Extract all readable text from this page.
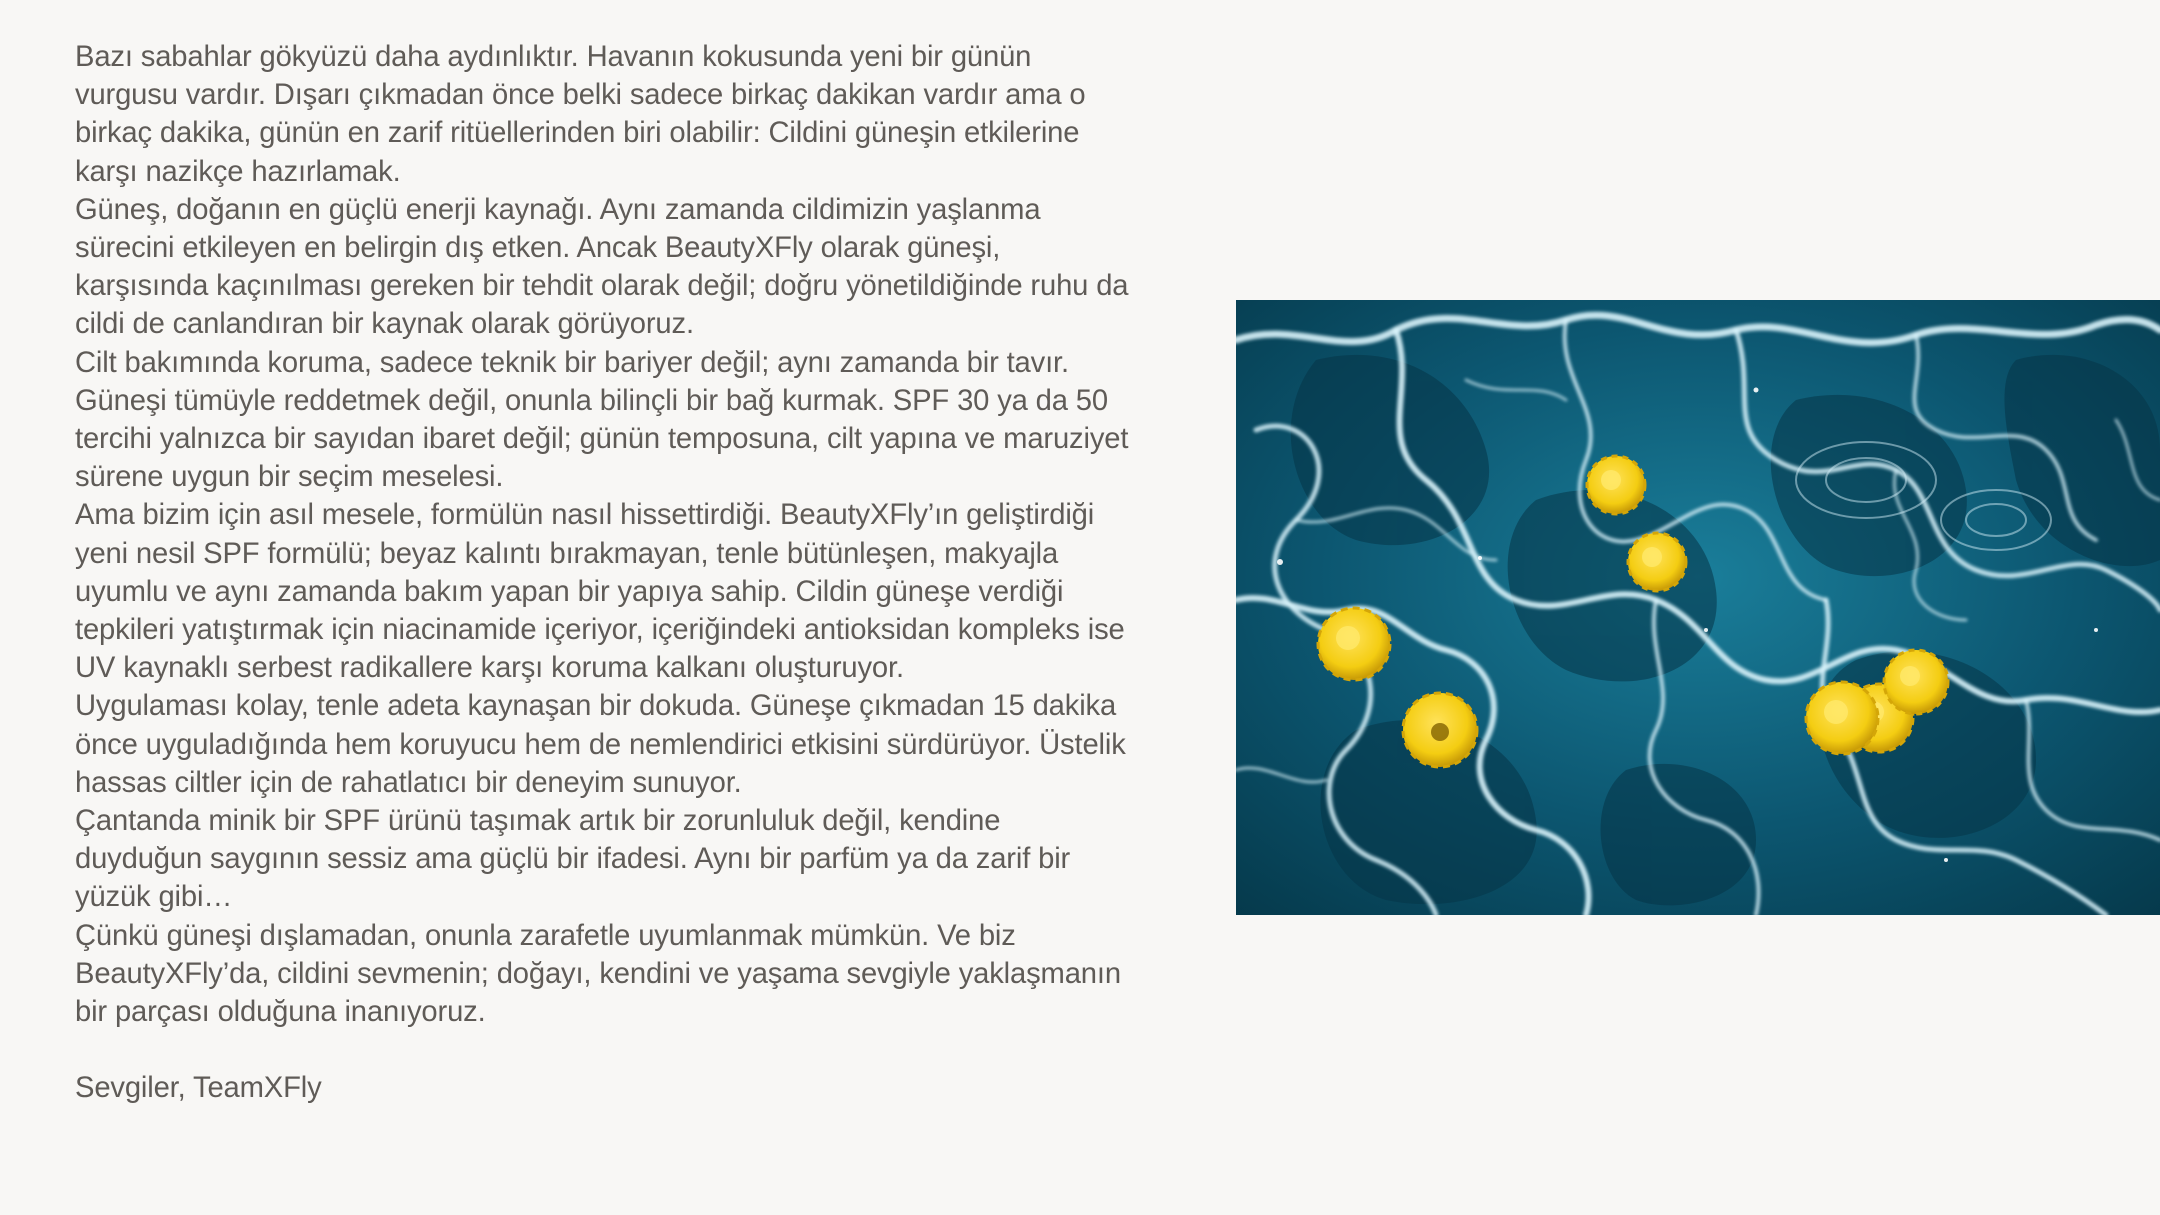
Bazı sabahlar gökyüzü daha aydınlıktır. Havanın kokusunda yeni bir günün vurgusu vardır. Dışarı çıkmadan önce belki sadece birkaç dakikan vardır ama o birkaç dakika, günün en zarif ritüellerinden biri olabilir: Cildini güneşin etkilerine karşı nazikçe hazırlamak.

Güneş, doğanın en güçlü enerji kaynağı. Aynı zamanda cildimizin yaşlanma sürecini etkileyen en belirgin dış etken. Ancak BeautyXFly olarak güneşi, karşısında kaçınılması gereken bir tehdit olarak değil; doğru yönetildiğinde ruhu da cildi de canlandıran bir kaynak olarak görüyoruz.

Cilt bakımında koruma, sadece teknik bir bariyer değil; aynı zamanda bir tavır. Güneşi tümüyle reddetmek değil, onunla bilinçli bir bağ kurmak. SPF 30 ya da 50 tercihi yalnızca bir sayıdan ibaret değil; günün temposuna, cilt yapına ve maruziyet sürene uygun bir seçim meselesi.

Ama bizim için asıl mesele, formülün nasıl hissettirdiği. BeautyXFly’ın geliştirdiği yeni nesil SPF formülü; beyaz kalıntı bırakmayan, tenle bütünleşen, makyajla uyumlu ve aynı zamanda bakım yapan bir yapıya sahip. Cildin güneşe verdiği tepkileri yatıştırmak için niacinamide içeriyor, içeriğindeki antioksidan kompleks ise UV kaynaklı serbest radikallere karşı koruma kalkanı oluşturuyor.

Uygulaması kolay, tenle adeta kaynaşan bir dokuda. Güneşe çıkmadan 15 dakika önce uyguladığında hem koruyucu hem de nemlendirici etkisini sürdürüyor. Üstelik hassas ciltler için de rahatlatıcı bir deneyim sunuyor.

Çantanda minik bir SPF ürünü taşımak artık bir zorunluluk değil, kendine duyduğun saygının sessiz ama güçlü bir ifadesi. Aynı bir parfüm ya da zarif bir yüzük gibi…

Çünkü güneşi dışlamadan, onunla zarafetle uyumlanmak mümkün. Ve biz BeautyXFly’da, cildini sevmenin; doğayı, kendini ve yaşama sevgiyle yaklaşmanın bir parçası olduğuna inanıyoruz.

Sevgiler, TeamXFly
